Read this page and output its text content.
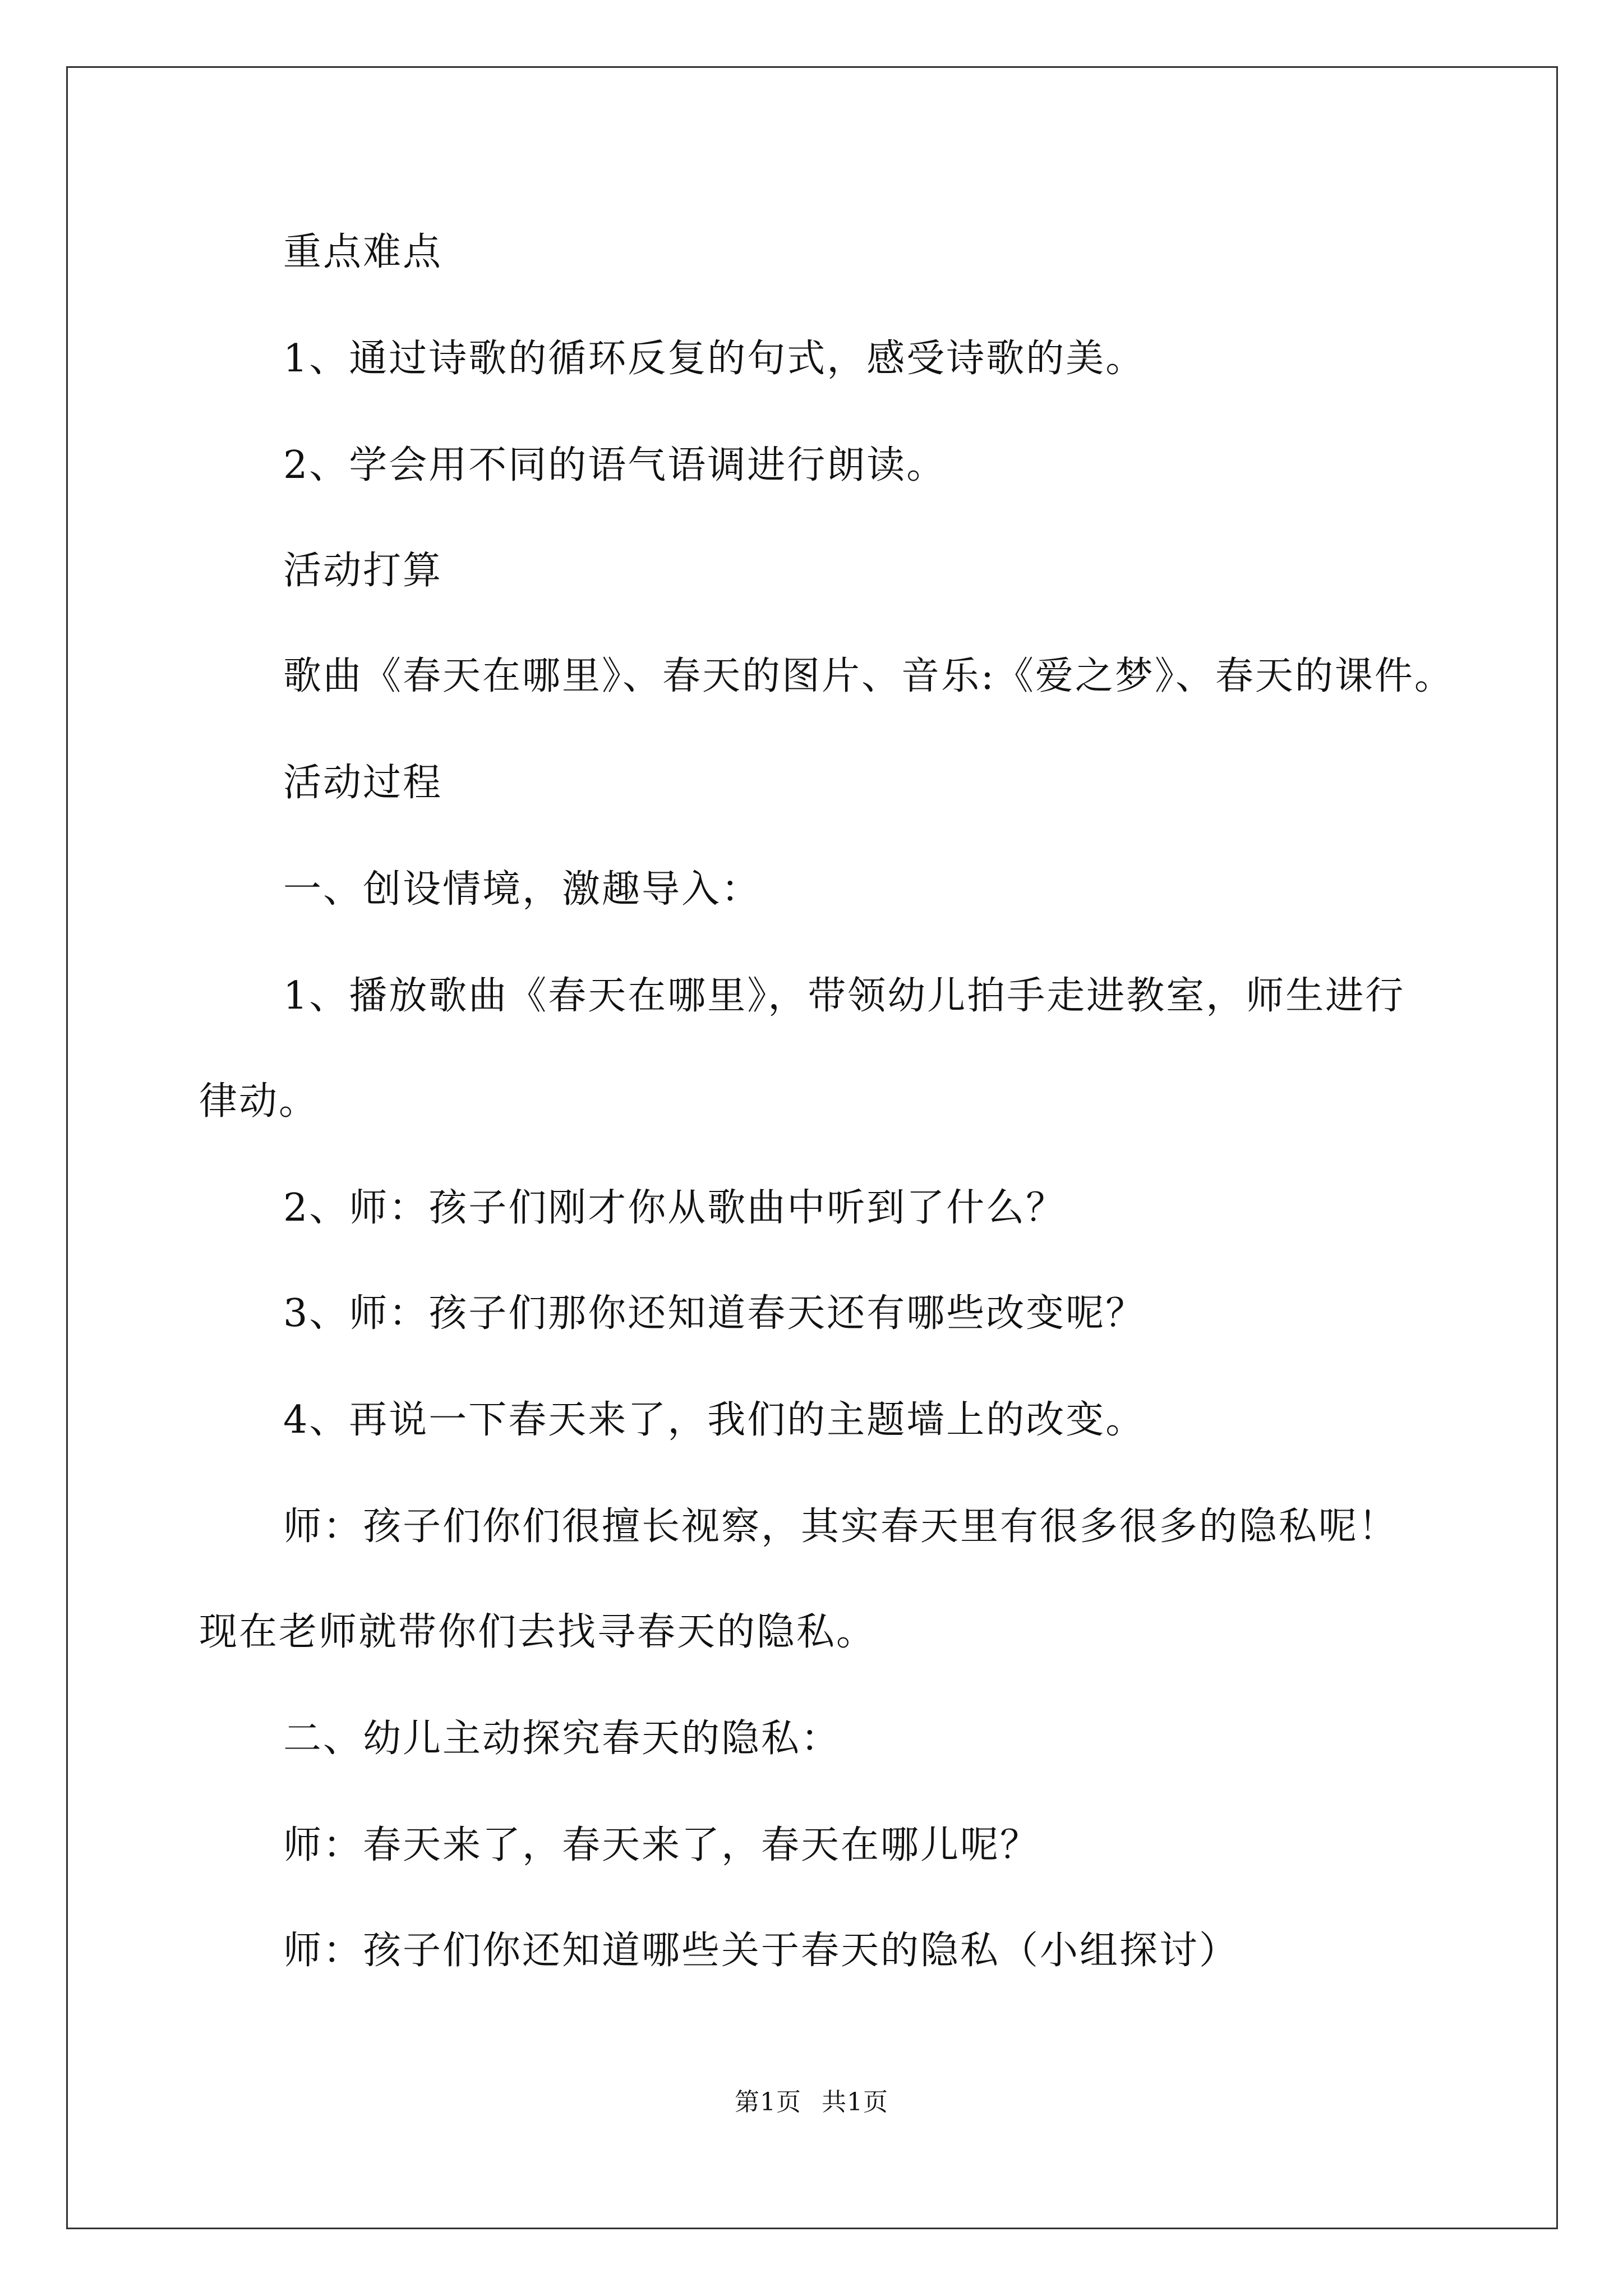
重点难点
1、通过诗歌的循环反复的句式，感受诗歌的美。
2、学会用不同的语气语调进行朗读。
活动打算
歌曲《春天在哪里》、春天的图片、音乐:《爱之梦》、春天的课件。
活动过程
一、创设情境，激趣导入：
1、播放歌曲《春天在哪里》，带领幼儿拍手走进教室，师生进行
律动。
2、师：孩子们刚才你从歌曲中听到了什么？
3、师：孩子们那你还知道春天还有哪些改变呢？
4、再说一下春天来了，我们的主题墙上的改变。
师：孩子们你们很擅长视察，其实春天里有很多很多的隐私呢！
现在老师就带你们去找寻春天的隐私。
二、幼儿主动探究春天的隐私：
师：春天来了，春天来了，春天在哪儿呢？
师：孩子们你还知道哪些关于春天的隐私（小组探讨）
第1页 共1页
